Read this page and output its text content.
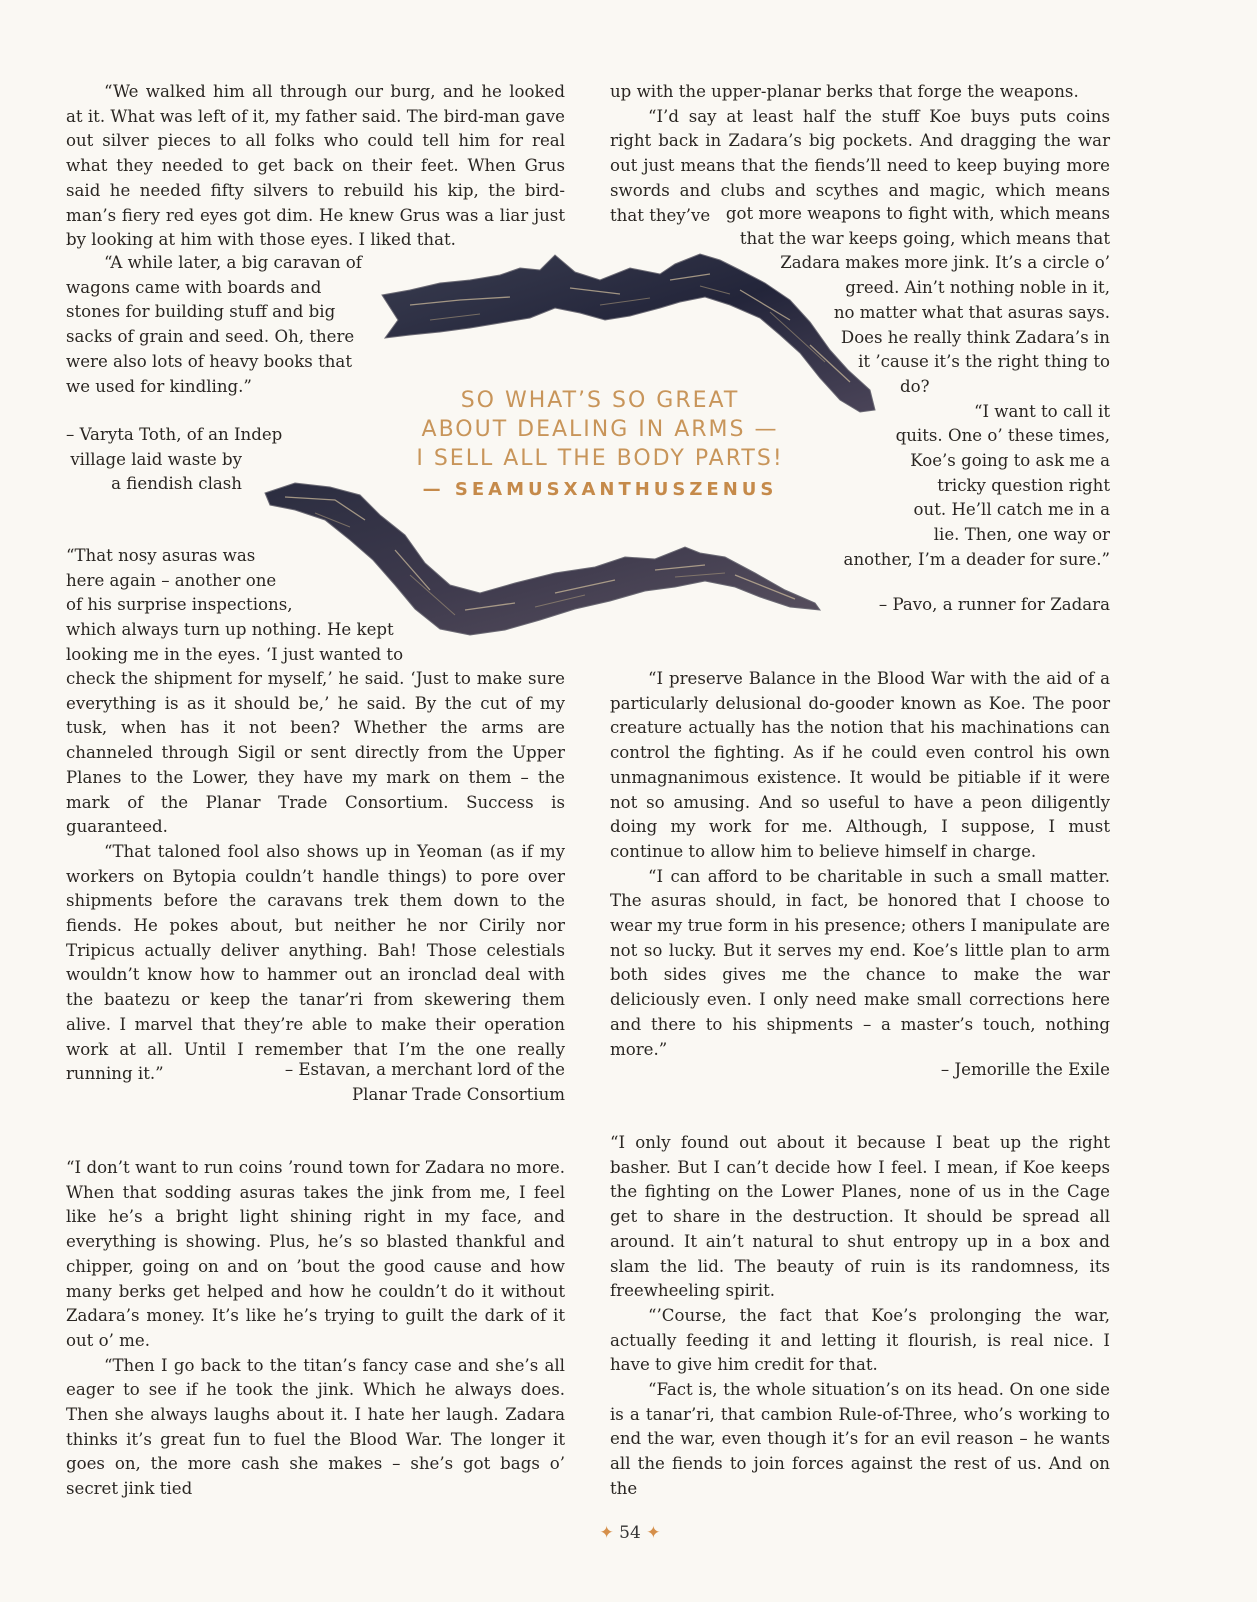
“We walked him all through our burg, and he looked at it. What was left of it, my father said. The bird-man gave out silver pieces to all folks who could tell him for real what they needed to get back on their feet. When Grus said he needed fifty silvers to rebuild his kip, the bird-man’s fiery red eyes got dim. He knew Grus was a liar just by looking at him with those eyes. I liked that.

“A while later, a big caravan of

wagons came with boards and

stones for building stuff and big

sacks of grain and seed. Oh, there

were also lots of heavy books that

we used for kindling.”

– Varyta Toth, of an Indep

village laid waste by

a fiendish clash

“That nosy asuras was

here again – another one

of his surprise inspections,

which always turn up nothing. He kept

looking me in the eyes. ‘I just wanted to

check the shipment for myself,’ he said. ‘Just to make sure everything is as it should be,’ he said. By the cut of my tusk, when has it not been? Whether the arms are channeled through Sigil or sent directly from the Upper Planes to the Lower, they have my mark on them – the mark of the Planar Trade Consortium. Success is guaranteed.

“That taloned fool also shows up in Yeoman (as if my workers on Bytopia couldn’t handle things) to pore over shipments before the caravans trek them down to the fiends. He pokes about, but neither he nor Cirily nor Tripicus actually deliver anything. Bah! Those celestials wouldn’t know how to hammer out an ironclad deal with the baatezu or keep the tanar’ri from skewering them alive. I marvel that they’re able to make their operation work at all. Until I remember that I’m the one really running it.”	– Estavan, a merchant lord of the

Planar Trade Consortium

“I don’t want to run coins ’round town for Zadara no more. When that sodding asuras takes the jink from me, I feel like he’s a bright light shining right in my face, and everything is showing. Plus, he’s so blasted thankful and chipper, going on and on ’bout the good cause and how many berks get helped and how he couldn’t do it without Zadara’s money. It’s like he’s trying to guilt the dark of it out o’ me.

“Then I go back to the titan’s fancy case and she’s all eager to see if he took the jink. Which he always does. Then she always laughs about it. I hate her laugh. Zadara thinks it’s great fun to fuel the Blood War. The longer it goes on, the more cash she makes – she’s got bags o’ secret jink tied

up with the upper-planar berks that forge the weapons.

“I’d say at least half the stuff Koe buys puts coins right back in Zadara’s big pockets. And dragging the war out just means that the fiends’ll need to keep buying more swords and clubs and scythes and magic, which means that they’ve got more weapons to fight with, which means

that the war keeps going, which means that

Zadara makes more jink. It’s a circle o’

greed. Ain’t nothing noble in it,

no matter what that asuras says.

Does he really think Zadara’s in

it ’cause it’s the right thing to

do?

“I want to call it

quits. One o’ these times,

Koe’s going to ask me a

tricky question right

out. He’ll catch me in a

lie. Then, one way or

another, I’m a deader for sure.”

– Pavo, a runner for Zadara

“I preserve Balance in the Blood War with the aid of a particularly delusional do-gooder known as Koe. The poor creature actually has the notion that his machinations can control the fighting. As if he could even control his own unmagnanimous existence. It would be pitiable if it were not so amusing. And so useful to have a peon diligently doing my work for me. Although, I suppose, I must continue to allow him to believe himself in charge.

“I can afford to be charitable in such a small matter. The asuras should, in fact, be honored that I choose to wear my true form in his presence; others I manipulate are not so lucky. But it serves my end. Koe’s little plan to arm both sides gives me the chance to make the war deliciously even. I only need make small corrections here and there to his shipments – a master’s touch, nothing more.”

– Jemorille the Exile

“I only found out about it because I beat up the right basher. But I can’t decide how I feel. I mean, if Koe keeps the fighting on the Lower Planes, none of us in the Cage get to share in the destruction. It should be spread all around. It ain’t natural to shut entropy up in a box and slam the lid. The beauty of ruin is its randomness, its freewheeling spirit.

“’Course, the fact that Koe’s prolonging the war, actually feeding it and letting it flourish, is real nice. I have to give him credit for that.

“Fact is, the whole situation’s on its head. On one side is a tanar’ri, that cambion Rule-of-Three, who’s working to end the war, even though it’s for an evil reason – he wants all the fiends to join forces against the rest of us. And on the

SO WHAT’S SO GREAT

ABOUT DEALING IN ARMS —

I SELL ALL THE BODY PARTS!

— SEAMUSXANTHUSZENUS

✦ 54 ✦
